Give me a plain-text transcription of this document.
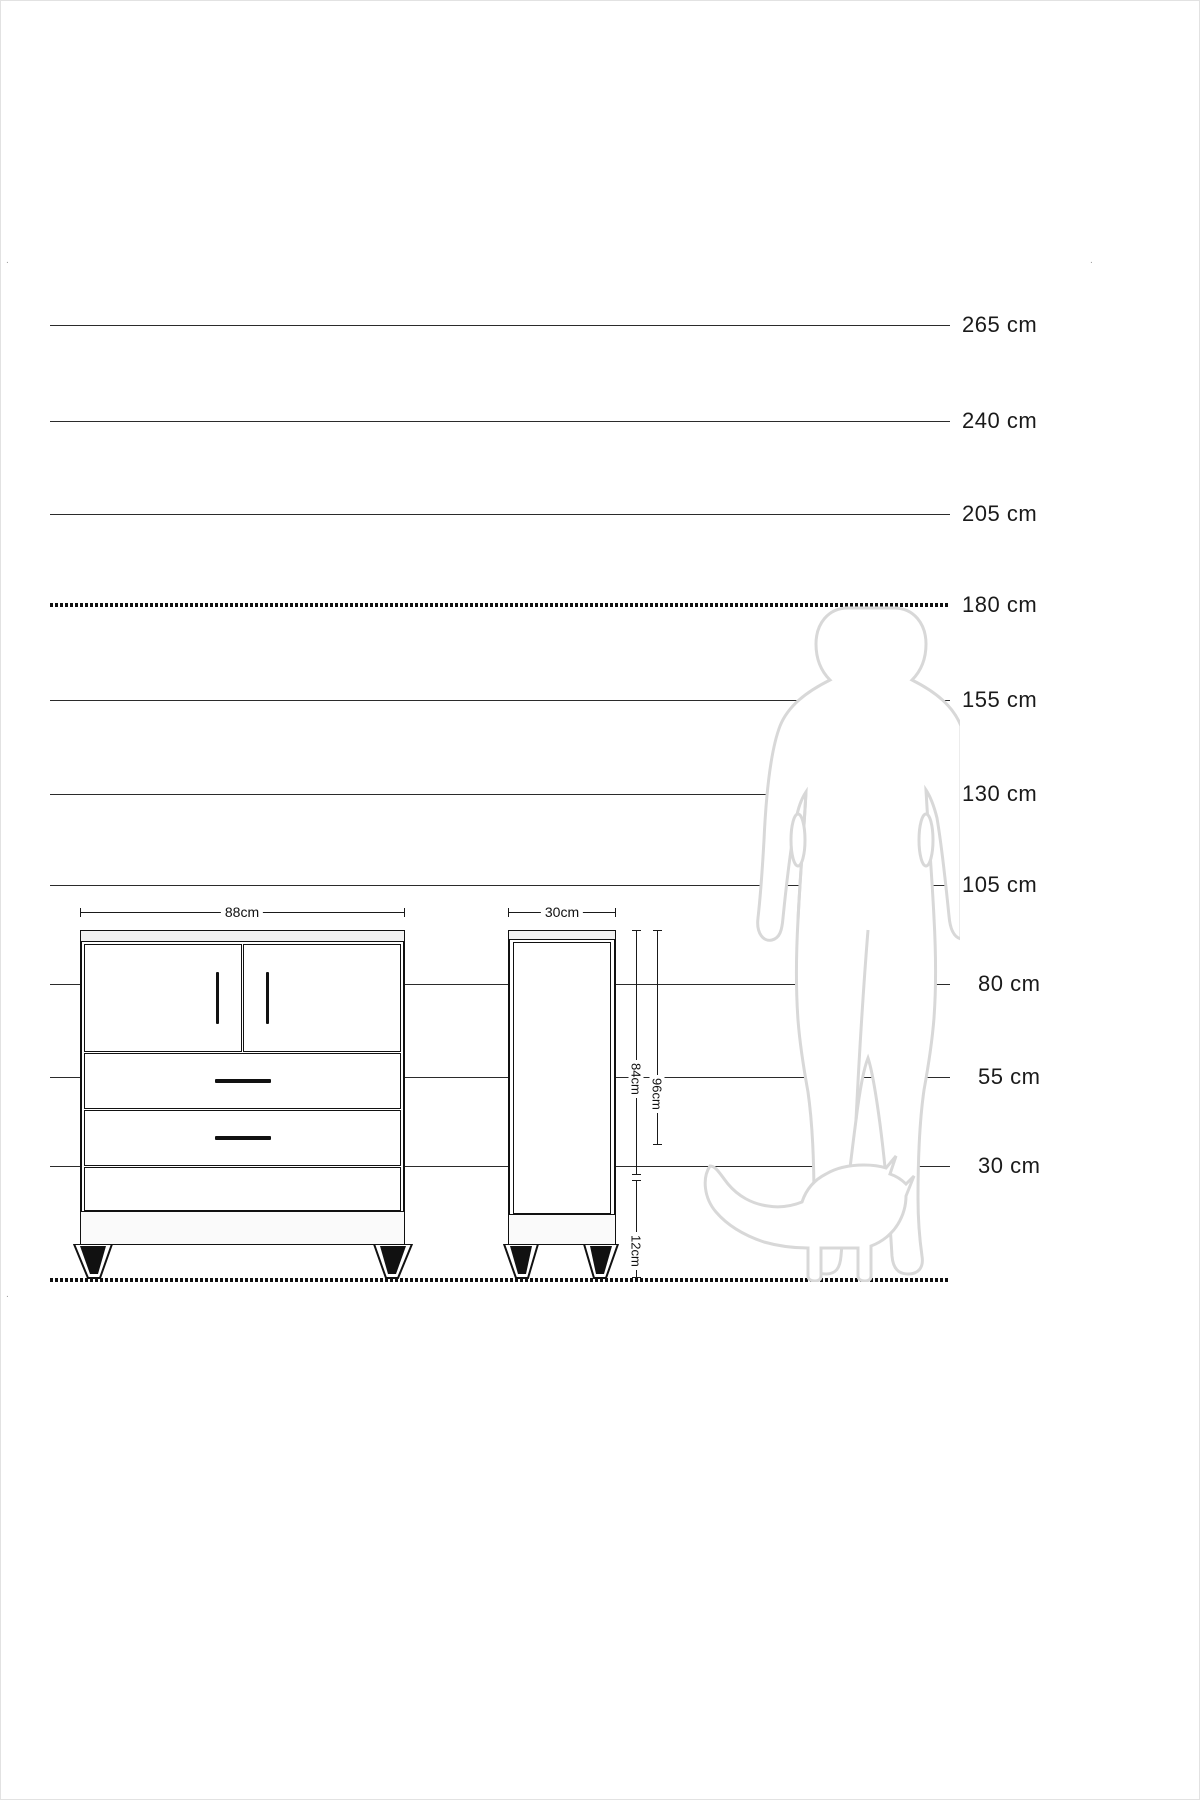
.	.
.
265 cm
240 cm
205 cm
180 cm
155 cm
130 cm
105 cm
80 cm
55 cm
30 cm
88cm	30cm
84cm 96cm
12cm
